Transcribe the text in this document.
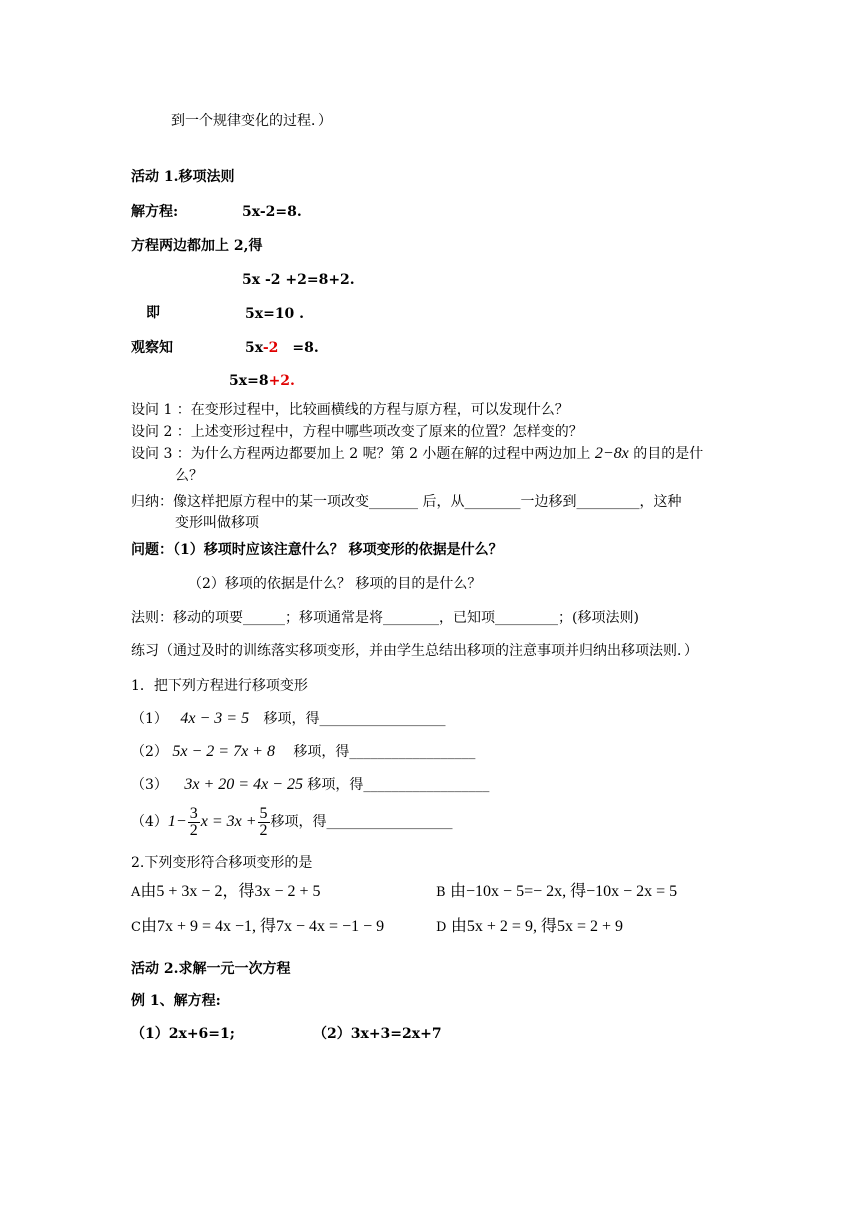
到一个规律变化的过程．）
活动 1.移项法则
解方程:	5x-2=8.
方程两边都加上 2,得
5x -2 +2=8+2.
即	5x=10 .
观察知	5x-2 =8.
5x=8+2.
设问 1 ：在变形过程中，比较画横线的方程与原方程，可以发现什么？
设问 2 ：上述变形过程中，方程中哪些项改变了原来的位置？怎样变的？
设问 3 ：为什么方程两边都要加上 2 呢？第 2 小题在解的过程中两边加上 2−8x 的目的是什
么？
归纳：像这样把原方程中的某一项改变_______ 后，从________一边移到_________，这种
变形叫做移项
问题：（1）移项时应该注意什么？ 移项变形的依据是什么？
（2）移项的依据是什么？ 移项的目的是什么？
法则：移动的项要______；移项通常是将________，已知项_________；(移项法则)
练习（通过及时的训练落实移项变形，并由学生总结出移项的注意事项并归纳出移项法则．）
1．把下列方程进行移项变形
（1） 4x − 3 = 5 移项，得__________________
（2） 5x − 2 = 7x + 8 移项，得__________________
（3） 3x + 20 = 4x − 25 移项，得__________________
$(4)1- \frac{3}{2}$ $x = 3x + \frac{5}{2}$ 移项，得__________________
2.下列变形符合移项变形的是
A由5 + 3x − 2，得3x − 2 + 5	B 由−10x − 5=− 2x, 得−10x − 2x = 5
C由7x + 9 = 4x −1, 得7x − 4x = −1 − 9	D 由5x + 2 = 9, 得5x = 2 + 9
活动 2.求解一元一次方程
例 1、解方程:
（1）2x+6=1;	（2）3x+3=2x+7
